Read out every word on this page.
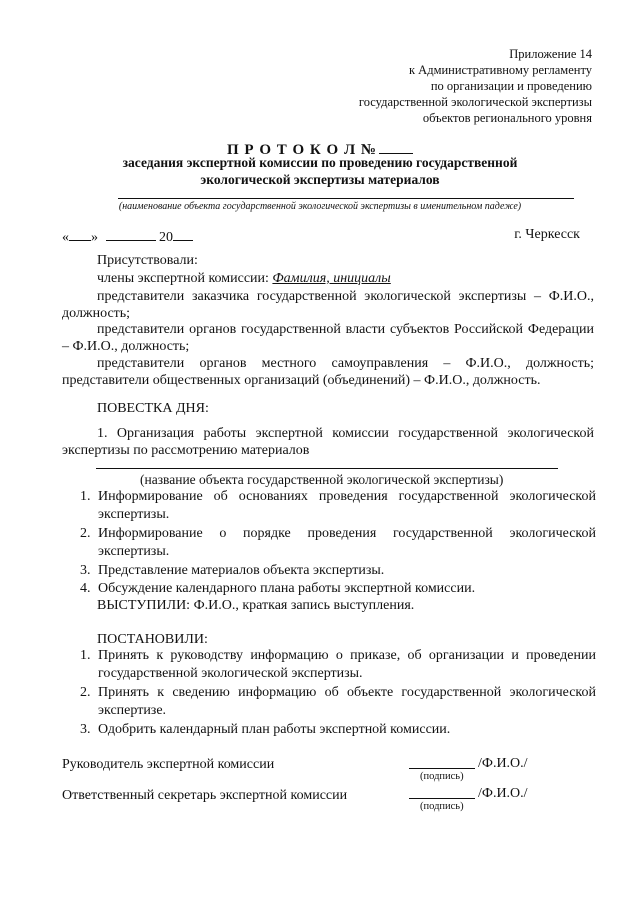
Приложение 14
к Административному регламенту
по организации и проведению
государственной экологической экспертизы
объектов регионального уровня
П Р О Т О К О Л №
заседания экспертной комиссии по проведению государственной
экологической экспертизы материалов
(наименование объекта государственной экологической экспертизы в именительном падеже)
« »	20	г. Черкесск
Присутствовали:
члены экспертной комиссии: Фамилия, инициалы
представители заказчика государственной экологической экспертизы – Ф.И.О.,
должность;
представители органов государственной власти субъектов Российской Федерации
– Ф.И.О., должность;
представители органов местного самоуправления – Ф.И.О., должность;
представители общественных организаций (объединений) – Ф.И.О., должность.
ПОВЕСТКА ДНЯ:
1. Организация работы экспертной комиссии государственной экологической
экспертизы по рассмотрению материалов
(название объекта государственной экологической экспертизы)
1. Информирование об основаниях проведения государственной экологической
экспертизы.
2. Информирование о порядке проведения государственной экологической
экспертизы.
3. Представление материалов объекта экспертизы.
4. Обсуждение календарного плана работы экспертной комиссии.
ВЫСТУПИЛИ: Ф.И.О., краткая запись выступления.
ПОСТАНОВИЛИ:
1. Принять к руководству информацию о приказе, об организации и проведении
государственной экологической экспертизы.
2. Принять к сведению информацию об объекте государственной экологической
экспертизе.
3. Одобрить календарный план работы экспертной комиссии.
Руководитель экспертной комиссии	/Ф.И.О./
(подпись)
Ответственный секретарь экспертной комиссии	/Ф.И.О./
(подпись)
